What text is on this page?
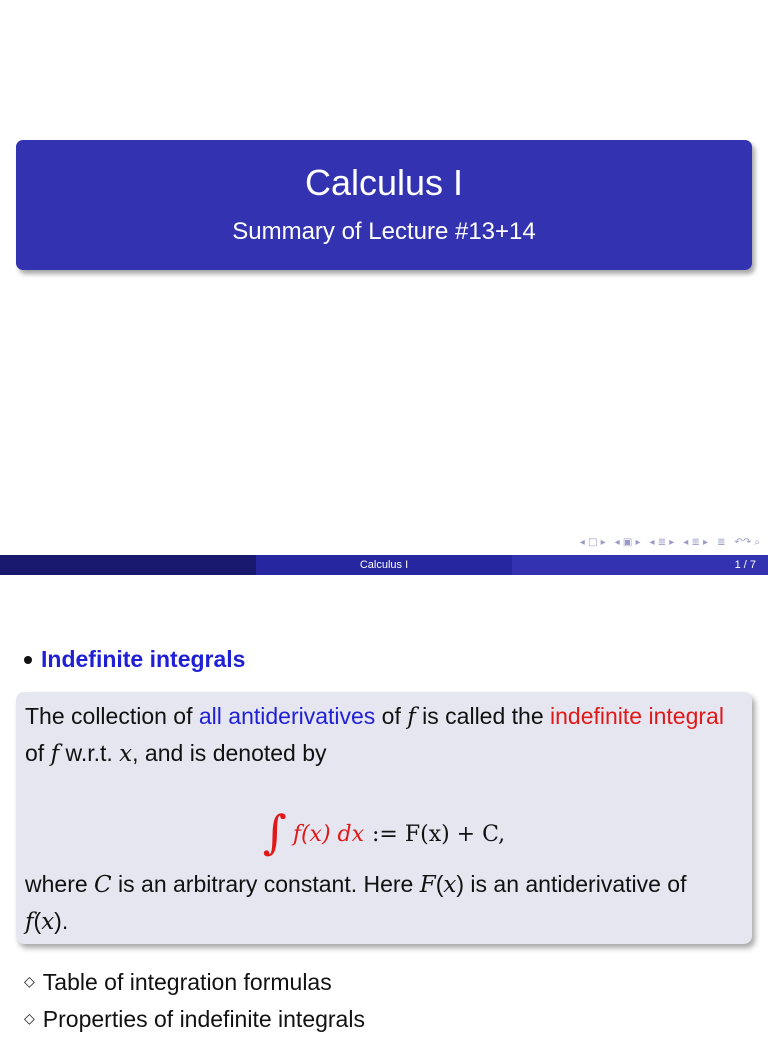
Calculus I
Summary of Lecture #13+14
◂ □ ▸ ◂ ▣ ▸ ◂ ≣ ▸ ◂ ≣ ▸ ≣ ↶↷ ⌕
Calculus I	1 / 7
Indefinite integrals
The collection of all antiderivatives of f is called the indefinite integral of f w.r.t. x, and is denoted by
∫ f(x) dx := F(x) + C,
where C is an arbitrary constant. Here F(x) is an antiderivative of f(x).
◇ Table of integration formulas
◇ Properties of indefinite integrals
